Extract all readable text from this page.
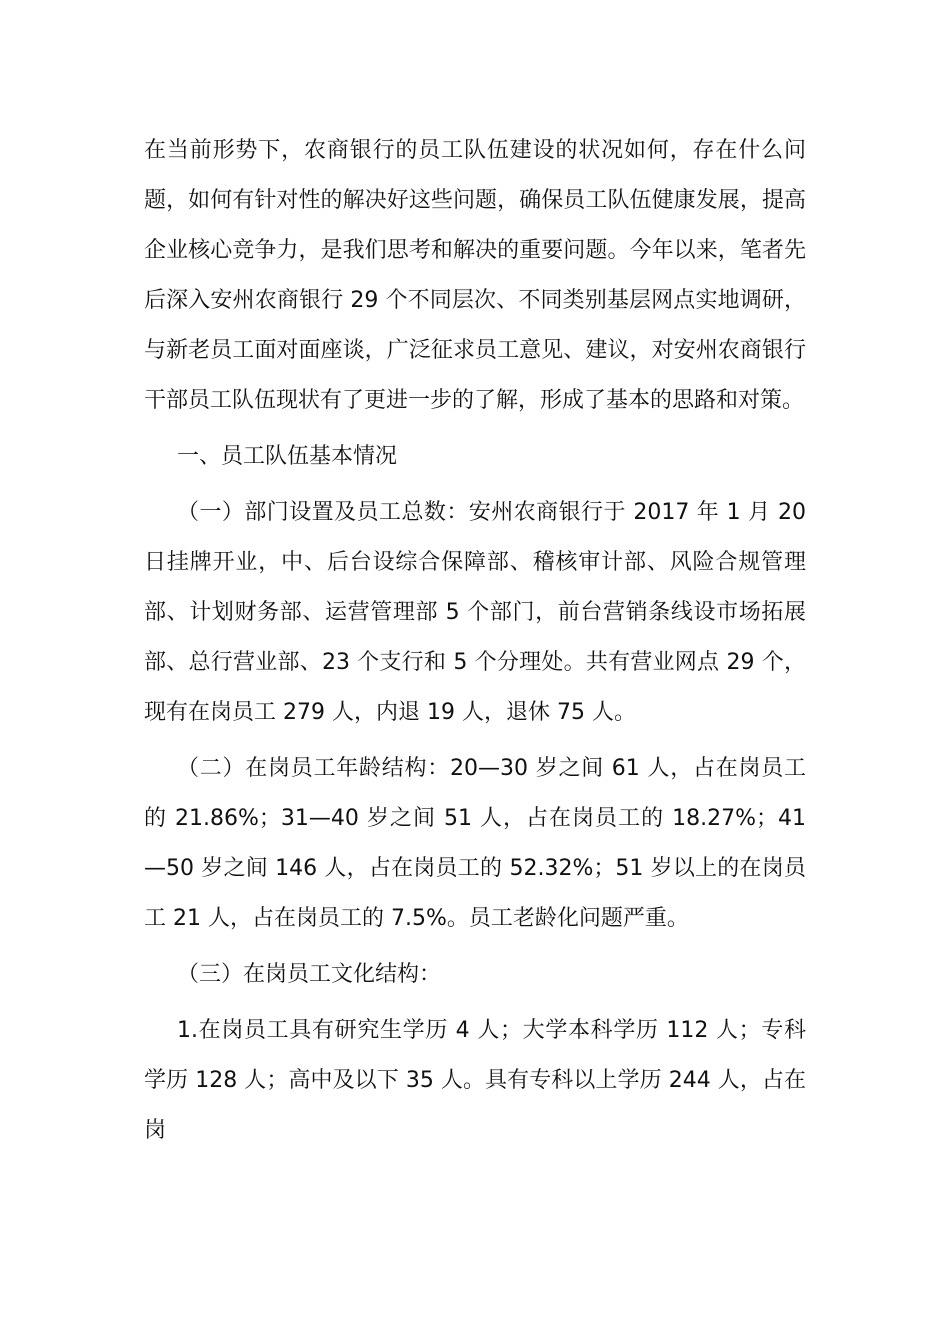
在当前形势下，农商银行的员工队伍建设的状况如何，存在什么问题，如何有针对性的解决好这些问题，确保员工队伍健康发展，提高企业核心竞争力，是我们思考和解决的重要问题。今年以来，笔者先后深入安州农商银行 29 个不同层次、不同类别基层网点实地调研，与新老员工面对面座谈，广泛征求员工意见、建议，对安州农商银行干部员工队伍现状有了更进一步的了解，形成了基本的思路和对策。

一、员工队伍基本情况

（一）部门设置及员工总数：安州农商银行于 2017 年 1 月 20 日挂牌开业，中、后台设综合保障部、稽核审计部、风险合规管理部、计划财务部、运营管理部 5 个部门，前台营销条线设市场拓展部、总行营业部、23 个支行和 5 个分理处。共有营业网点 29 个，现有在岗员工 279 人，内退 19 人，退休 75 人。

（二）在岗员工年龄结构：20—30 岁之间 61 人，占在岗员工的 21.86%；31—40 岁之间 51 人，占在岗员工的 18.27%；41—50 岁之间 146 人，占在岗员工的 52.32%；51 岁以上的在岗员工 21 人，占在岗员工的 7.5%。员工老龄化问题严重。

（三）在岗员工文化结构：

1.在岗员工具有研究生学历 4 人；大学本科学历 112 人；专科学历 128 人；高中及以下 35 人。具有专科以上学历 244 人，占在岗
